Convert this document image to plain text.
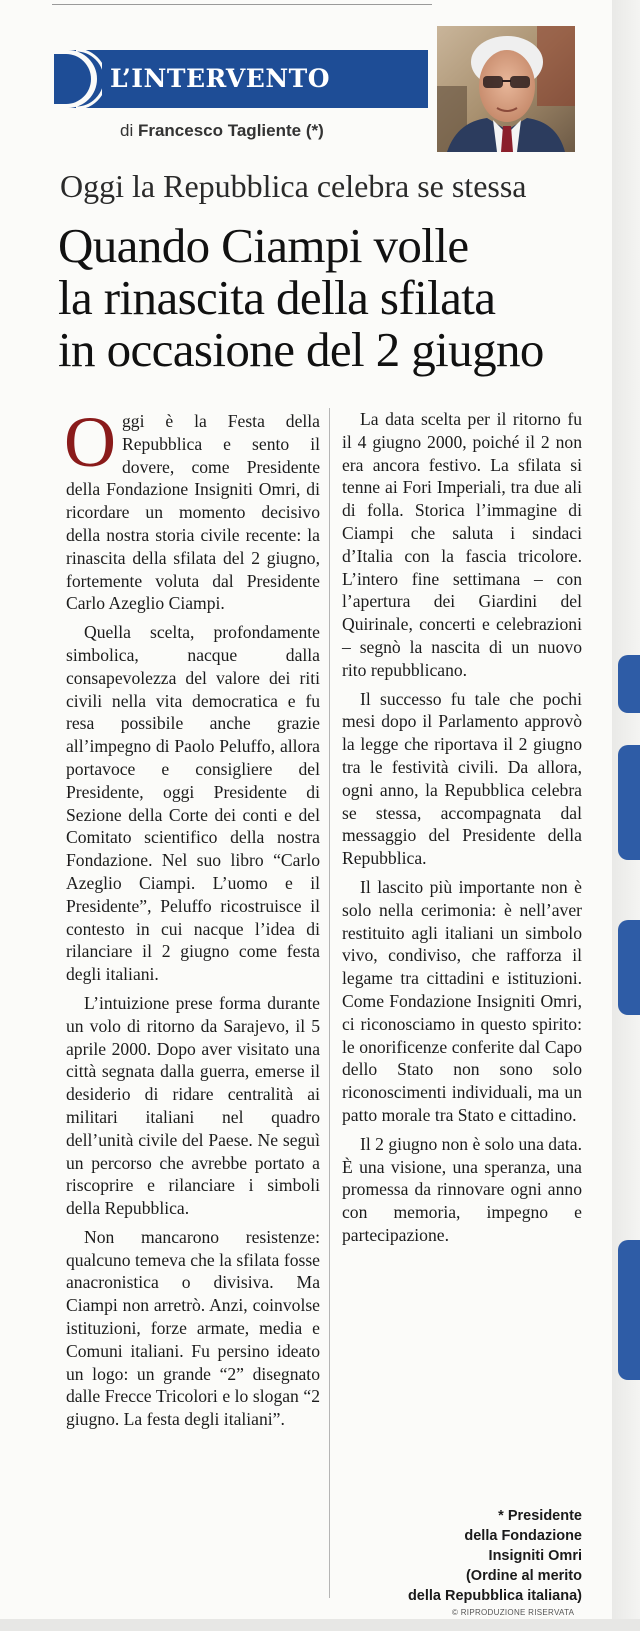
L’INTERVENTO
di Francesco Tagliente (*)
Oggi la Repubblica celebra se stessa
Quando Ciampi volle
la rinascita della sfilata
in occasione del 2 giugno

Oggi è la Festa della Repubblica e sento il dovere, come Presidente della Fondazione Insigniti Omri, di ricordare un momento decisivo della nostra storia civile recente: la rinascita della sfilata del 2 giugno, fortemente voluta dal Presidente Carlo Azeglio Ciampi.

Quella scelta, profondamente simbolica, nacque dalla consapevolezza del valore dei riti civili nella vita democratica e fu resa possibile anche grazie all’impegno di Paolo Peluffo, allora portavoce e consigliere del Presidente, oggi Presidente di Sezione della Corte dei conti e del Comitato scientifico della nostra Fondazione. Nel suo libro “Carlo Azeglio Ciampi. L’uomo e il Presidente”, Peluffo ricostruisce il contesto in cui nacque l’idea di rilanciare il 2 giugno come festa degli italiani.

L’intuizione prese forma durante un volo di ritorno da Sarajevo, il 5 aprile 2000. Dopo aver visitato una città segnata dalla guerra, emerse il desiderio di ridare centralità ai militari italiani nel quadro dell’unità civile del Paese. Ne seguì un percorso che avrebbe portato a riscoprire e rilanciare i simboli della Repubblica.

Non mancarono resistenze: qualcuno temeva che la sfilata fosse anacronistica o divisiva. Ma Ciampi non arretrò. Anzi, coinvolse istituzioni, forze armate, media e Comuni italiani. Fu persino ideato un logo: un grande “2” disegnato dalle Frecce Tricolori e lo slogan “2 giugno. La festa degli italiani”.

La data scelta per il ritorno fu il 4 giugno 2000, poiché il 2 non era ancora festivo. La sfilata si tenne ai Fori Imperiali, tra due ali di folla. Storica l’immagine di Ciampi che saluta i sindaci d’Italia con la fascia tricolore. L’intero fine settimana – con l’apertura dei Giardini del Quirinale, concerti e celebrazioni – segnò la nascita di un nuovo rito repubblicano.

Il successo fu tale che pochi mesi dopo il Parlamento approvò la legge che riportava il 2 giugno tra le festività civili. Da allora, ogni anno, la Repubblica celebra se stessa, accompagnata dal messaggio del Presidente della Repubblica.

Il lascito più importante non è solo nella cerimonia: è nell’aver restituito agli italiani un simbolo vivo, condiviso, che rafforza il legame tra cittadini e istituzioni. Come Fondazione Insigniti Omri, ci riconosciamo in questo spirito: le onorificenze conferite dal Capo dello Stato non sono solo riconoscimenti individuali, ma un patto morale tra Stato e cittadino.

Il 2 giugno non è solo una data. È una visione, una speranza, una promessa da rinnovare ogni anno con memoria, impegno e partecipazione.

* Presidente
della Fondazione
Insigniti Omri
(Ordine al merito
della Repubblica italiana)
© RIPRODUZIONE RISERVATA
